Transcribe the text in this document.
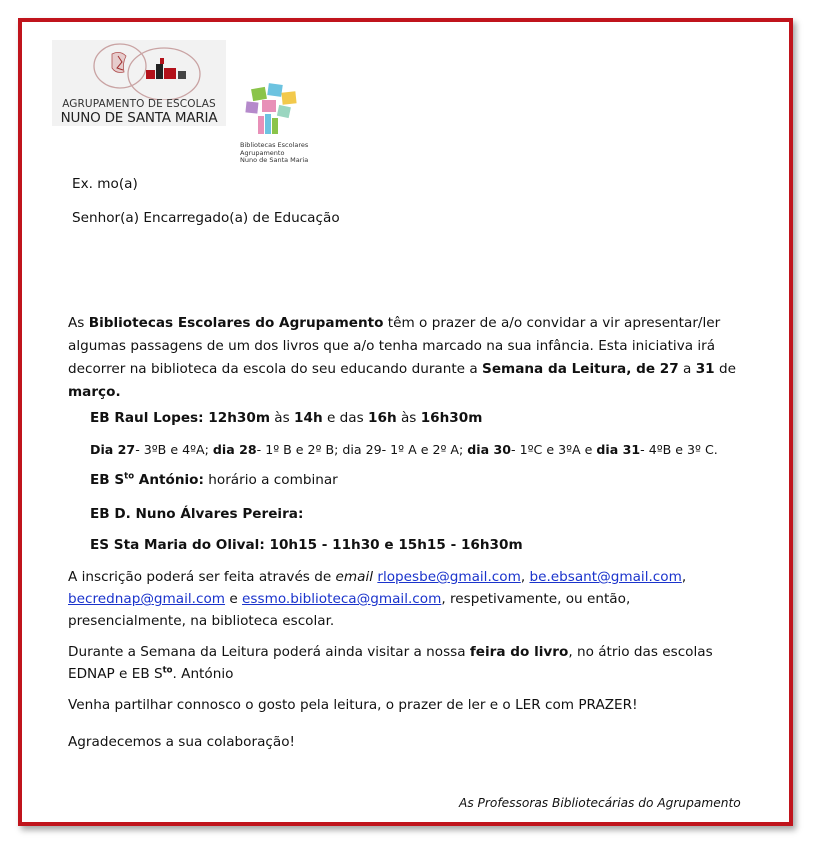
AGRUPAMENTO DE ESCOLAS
NUNO DE SANTA MARIA
Bibliotecas Escolares
Agrupamento
Nuno de Santa Maria
Ex. mo(a)
Senhor(a) Encarregado(a) de Educação
As Bibliotecas Escolares do Agrupamento têm o prazer de a/o convidar a vir apresentar/ler algumas passagens de um dos livros que a/o tenha marcado na sua infância. Esta iniciativa irá decorrer na biblioteca da escola do seu educando durante a Semana da Leitura, de 27 a 31 de março.
EB Raul Lopes: 12h30m às 14h e das 16h às 16h30m
Dia 27- 3ºB e 4ºA; dia 28- 1º B e 2º B; dia 29- 1º A e 2º A; dia 30- 1ºC e 3ºA e dia 31- 4ºB e 3º C.
EB $S^{to}$ António: horário a combinar
EB D. Nuno Álvares Pereira:
ES Sta Maria do Olival: 10h15 - 11h30 e 15h15 - 16h30m
A inscrição poderá ser feita através de email rlopesbe@gmail.com, be.ebsant@gmail.com,
becrednap@gmail.com e essmo.biblioteca@gmail.com, respetivamente, ou então,
presencialmente, na biblioteca escolar.
Durante a Semana da Leitura poderá ainda visitar a nossa feira do livro, no átrio das escolas
EDNAP e EB $S^{to}$. António
Venha partilhar connosco o gosto pela leitura, o prazer de ler e o LER com PRAZER!
Agradecemos a sua colaboração!
As Professoras Bibliotecárias do Agrupamento
